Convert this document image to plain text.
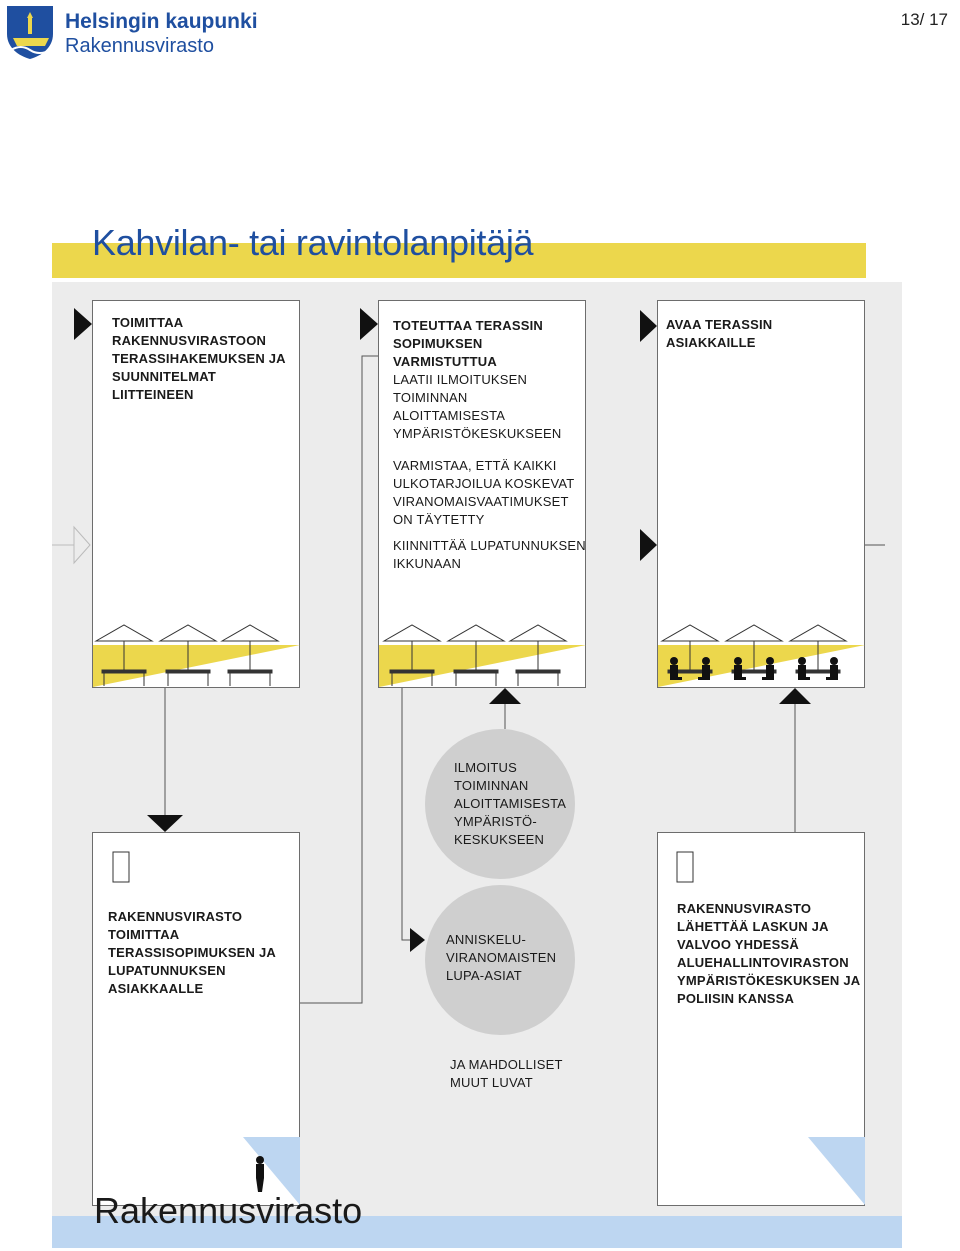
Helsingin kaupunki
Rakennusvirasto
13/ 17
Kahvilan- tai ravintolanpitäjä
TOIMITTAA
RAKENNUSVIRASTOON
TERASSIHAKEMUKSEN JA
SUUNNITELMAT
LIITTEINEEN
TOTEUTTAA TERASSIN
SOPIMUKSEN
VARMISTUTTUA
LAATII ILMOITUKSEN
TOIMINNAN
ALOITTAMISESTA
YMPÄRISTÖKESKUKSEEN
VARMISTAA, ETTÄ KAIKKI
ULKOTARJOILUA KOSKEVAT
VIRANOMAISVAATIMUKSET
ON TÄYTETTY
KIINNITTÄÄ LUPATUNNUKSEN
IKKUNAAN
AVAA TERASSIN
ASIAKKAILLE
ILMOITUS
TOIMINNAN
ALOITTAMISESTA
YMPÄRISTÖ-
KESKUKSEEN
ANNISKELU-
VIRANOMAISTEN
LUPA-ASIAT
RAKENNUSVIRASTO
TOIMITTAA
TERASSISOPIMUKSEN JA
LUPATUNNUKSEN
ASIAKKAALLE
RAKENNUSVIRASTO
LÄHETTÄÄ LASKUN JA
VALVOO YHDESSÄ
ALUEHALLINTOVIRASTON
YMPÄRISTÖKESKUKSEN JA
POLIISIN KANSSA
JA MAHDOLLISET
MUUT LUVAT
Rakennusvirasto
